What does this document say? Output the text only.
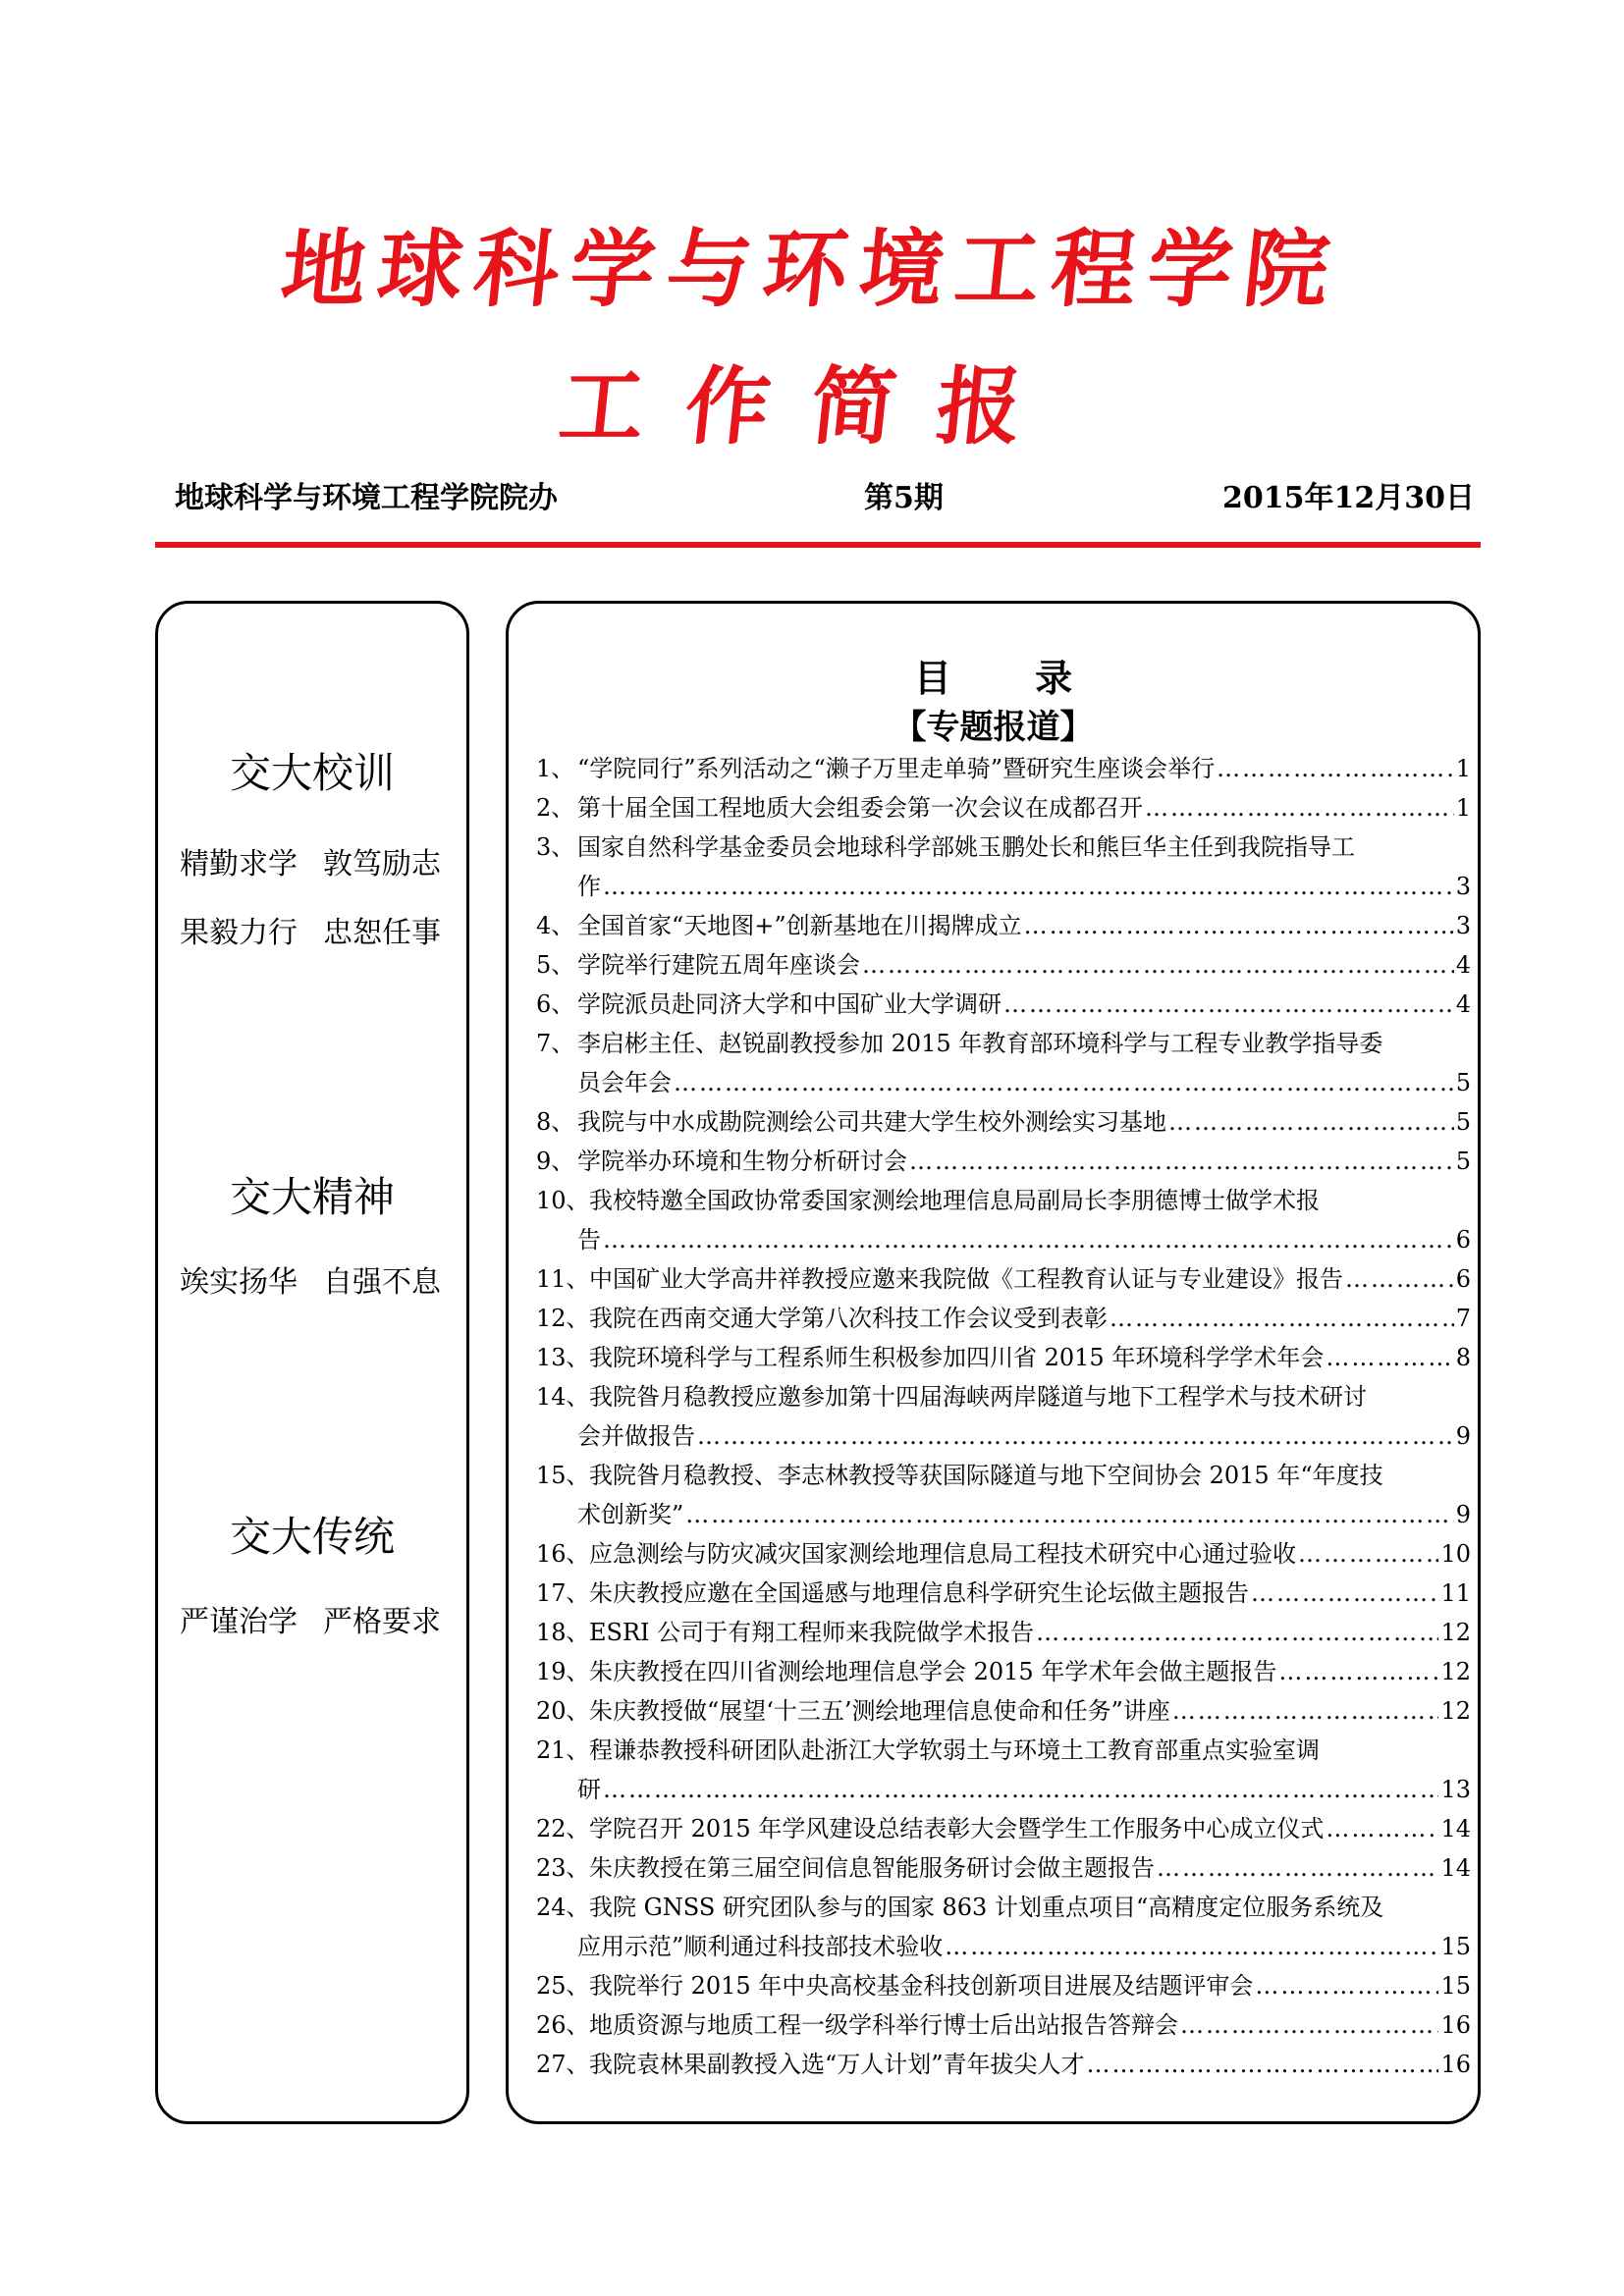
地球科学与环境工程学院
工作简报
地球科学与环境工程学院院办	第5期	2015年12月30日
交大校训
精勤求学 敦笃励志
果毅力行 忠恕任事
交大精神
竢实扬华 自强不息
交大传统
严谨治学 严格要求
目 录
【专题报道】
1、 “学院同行”系列活动之“濑子万里走单骑”暨研究生座谈会举行 ……………………………………………………………………………………………………………………………………………………	1
2、 第十届全国工程地质大会组委会第一次会议在成都召开 ……………………………………………………………………………………………………………………………………………………	1
3、 国家自然科学基金委员会地球科学部姚玉鹏处长和熊巨华主任到我院指导工
作 ……………………………………………………………………………………………………………………………………………………	3
4、 全国首家“天地图+”创新基地在川揭牌成立 ……………………………………………………………………………………………………………………………………………………	3
5、 学院举行建院五周年座谈会 ……………………………………………………………………………………………………………………………………………………	4
6、 学院派员赴同济大学和中国矿业大学调研 ……………………………………………………………………………………………………………………………………………………	4
7、 李启彬主任、赵锐副教授参加 2015 年教育部环境科学与工程专业教学指导委
员会年会 ……………………………………………………………………………………………………………………………………………………	5
8、 我院与中水成勘院测绘公司共建大学生校外测绘实习基地 ……………………………………………………………………………………………………………………………………………………	5
9、 学院举办环境和生物分析研讨会 ……………………………………………………………………………………………………………………………………………………	5
10、 我校特邀全国政协常委国家测绘地理信息局副局长李朋德博士做学术报
告 ……………………………………………………………………………………………………………………………………………………	6
11、 中国矿业大学高井祥教授应邀来我院做《工程教育认证与专业建设》报告 ……………………………………………………………………………………………………………………………………………………	6
12、 我院在西南交通大学第八次科技工作会议受到表彰 ……………………………………………………………………………………………………………………………………………………	7
13、 我院环境科学与工程系师生积极参加四川省 2015 年环境科学学术年会 ……………………………………………………………………………………………………………………………………………………	8
14、 我院昝月稳教授应邀参加第十四届海峡两岸隧道与地下工程学术与技术研讨
会并做报告 ……………………………………………………………………………………………………………………………………………………	9
15、 我院昝月稳教授、李志林教授等获国际隧道与地下空间协会 2015 年“年度技
术创新奖” ……………………………………………………………………………………………………………………………………………………	9
16、 应急测绘与防灾减灾国家测绘地理信息局工程技术研究中心通过验收 ……………………………………………………………………………………………………………………………………………………	10
17、 朱庆教授应邀在全国遥感与地理信息科学研究生论坛做主题报告 ……………………………………………………………………………………………………………………………………………………	11
18、 ESRI 公司于有翔工程师来我院做学术报告 ……………………………………………………………………………………………………………………………………………………	12
19、 朱庆教授在四川省测绘地理信息学会 2015 年学术年会做主题报告 ……………………………………………………………………………………………………………………………………………………	12
20、 朱庆教授做“展望‘十三五’测绘地理信息使命和任务”讲座 ……………………………………………………………………………………………………………………………………………………	12
21、 程谦恭教授科研团队赴浙江大学软弱土与环境土工教育部重点实验室调
研 ……………………………………………………………………………………………………………………………………………………	13
22、 学院召开 2015 年学风建设总结表彰大会暨学生工作服务中心成立仪式 ……………………………………………………………………………………………………………………………………………………	14
23、 朱庆教授在第三届空间信息智能服务研讨会做主题报告 ……………………………………………………………………………………………………………………………………………………	14
24、 我院 GNSS 研究团队参与的国家 863 计划重点项目“高精度定位服务系统及
应用示范”顺利通过科技部技术验收 ……………………………………………………………………………………………………………………………………………………	15
25、 我院举行 2015 年中央高校基金科技创新项目进展及结题评审会 ……………………………………………………………………………………………………………………………………………………	15
26、 地质资源与地质工程一级学科举行博士后出站报告答辩会 ……………………………………………………………………………………………………………………………………………………	16
27、 我院袁林果副教授入选“万人计划”青年拔尖人才 ……………………………………………………………………………………………………………………………………………………	16
